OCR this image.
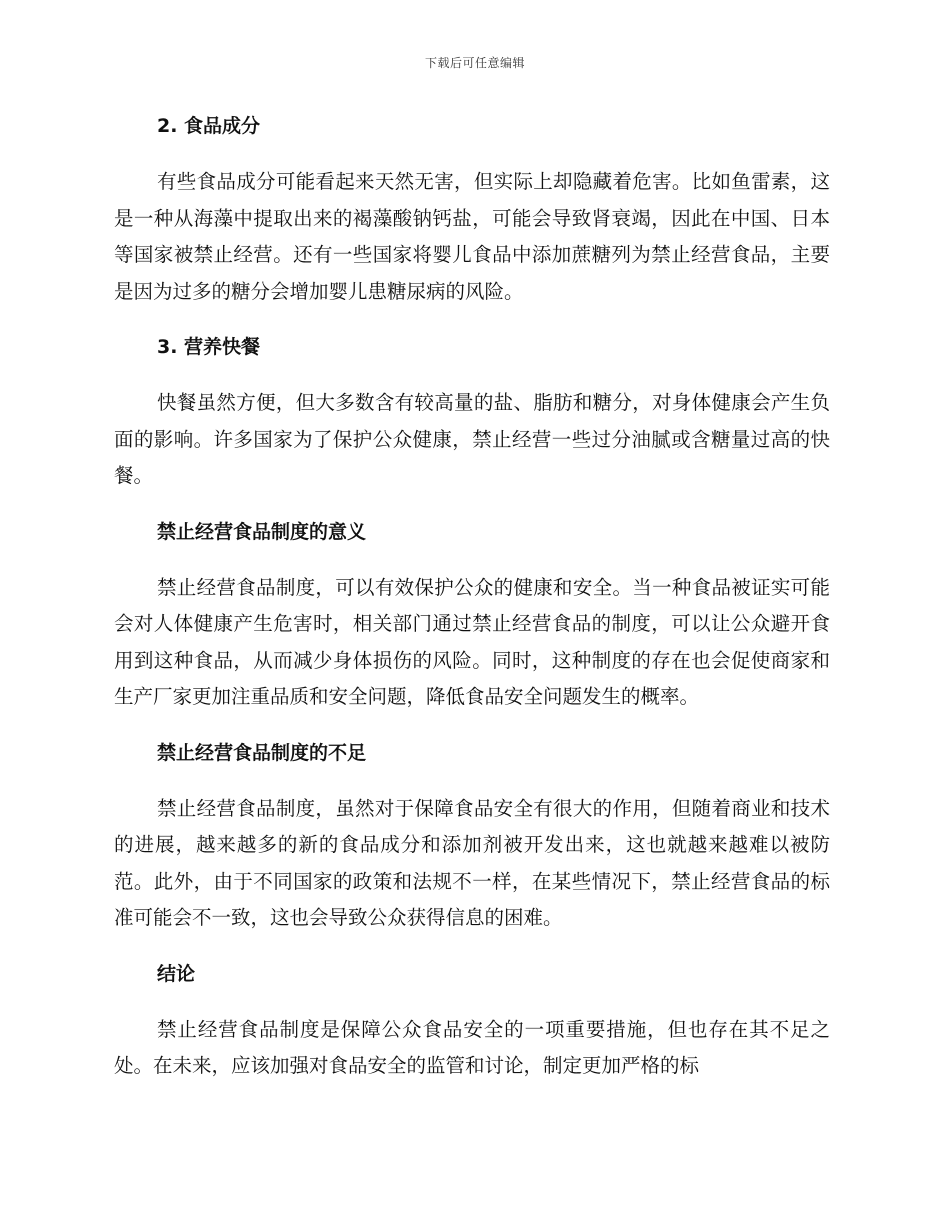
下载后可任意编辑
2. 食品成分

有些食品成分可能看起来天然无害，但实际上却隐藏着危害。比如鱼雷素，这是一种从海藻中提取出来的褐藻酸钠钙盐，可能会导致肾衰竭，因此在中国、日本等国家被禁止经营。还有一些国家将婴儿食品中添加蔗糖列为禁止经营食品，主要是因为过多的糖分会增加婴儿患糖尿病的风险。

3. 营养快餐

快餐虽然方便，但大多数含有较高量的盐、脂肪和糖分，对身体健康会产生负面的影响。许多国家为了保护公众健康，禁止经营一些过分油腻或含糖量过高的快餐。

禁止经营食品制度的意义

禁止经营食品制度，可以有效保护公众的健康和安全。当一种食品被证实可能会对人体健康产生危害时，相关部门通过禁止经营食品的制度，可以让公众避开食用到这种食品，从而减少身体损伤的风险。同时，这种制度的存在也会促使商家和生产厂家更加注重品质和安全问题，降低食品安全问题发生的概率。

禁止经营食品制度的不足

禁止经营食品制度，虽然对于保障食品安全有很大的作用，但随着商业和技术的进展，越来越多的新的食品成分和添加剂被开发出来，这也就越来越难以被防范。此外，由于不同国家的政策和法规不一样，在某些情况下，禁止经营食品的标准可能会不一致，这也会导致公众获得信息的困难。

结论

禁止经营食品制度是保障公众食品安全的一项重要措施，但也存在其不足之处。在未来，应该加强对食品安全的监管和讨论，制定更加严格的标
